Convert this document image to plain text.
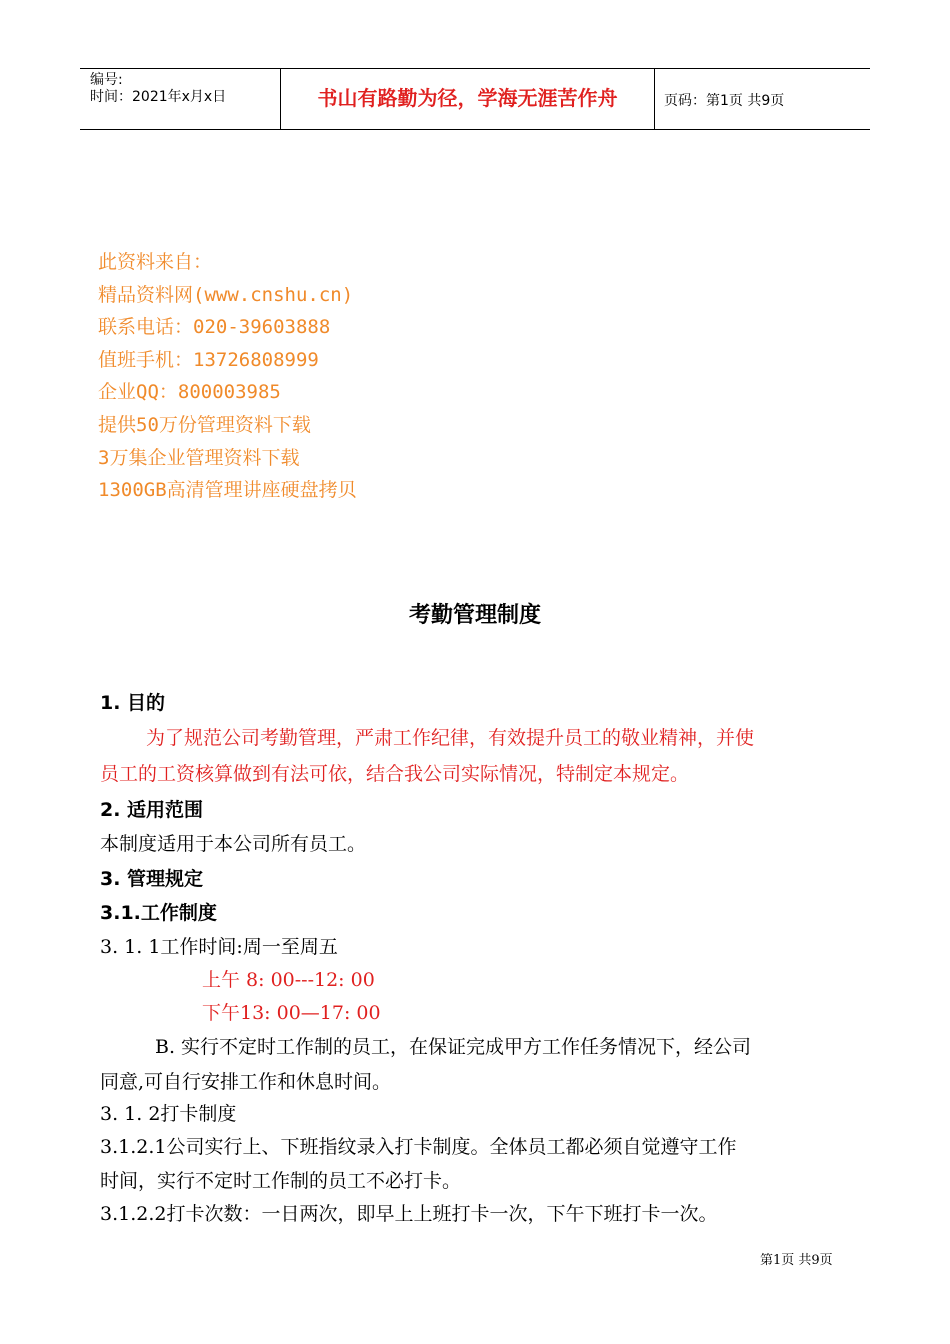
编号:
时间：2021年x月x日	书山有路勤为径，学海无涯苦作舟	页码：第1页 共9页
此资料来自：
精品资料网(www.cnshu.cn)
联系电话：020-39603888
值班手机：13726808999
企业QQ：800003985
提供50万份管理资料下载
3万集企业管理资料下载
1300GB高清管理讲座硬盘拷贝
考勤管理制度
1. 目的
为了规范公司考勤管理，严肃工作纪律，有效提升员工的敬业精神，并使
员工的工资核算做到有法可依，结合我公司实际情况，特制定本规定。
2. 适用范围
本制度适用于本公司所有员工。
3. 管理规定
3.1.工作制度
3. 1. 1工作时间:周一至周五
上午 8: 00---12: 00
下午13: 00—17: 00
B. 实行不定时工作制的员工，在保证完成甲方工作任务情况下，经公司
同意,可自行安排工作和休息时间。
3. 1. 2打卡制度
3.1.2.1公司实行上、下班指纹录入打卡制度。全体员工都必须自觉遵守工作
时间，实行不定时工作制的员工不必打卡。
3.1.2.2打卡次数：一日两次，即早上上班打卡一次，下午下班打卡一次。
第1页 共9页
